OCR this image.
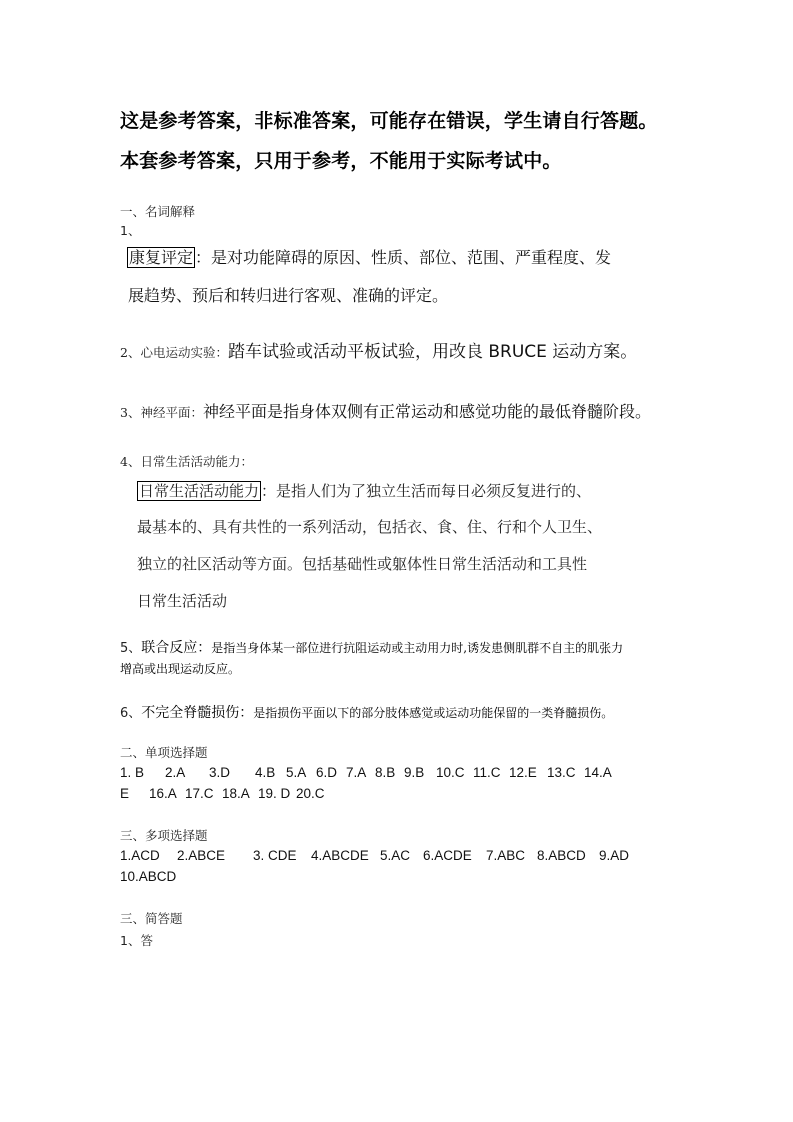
这是参考答案，非标准答案，可能存在错误，学生请自行答题。
本套参考答案，只用于参考，不能用于实际考试中。
一、名词解释
1、
康复评定 ：是对功能障碍的原因、性质、部位、范围、严重程度、发
展趋势、预后和转归进行客观、准确的评定。
2、心电运动实验：踏车试验或活动平板试验，用改良 BRUCE 运动方案。
3、神经平面：神经平面是指身体双侧有正常运动和感觉功能的最低脊髓阶段。
4、日常生活活动能力：
日常生活活动能力 ：是指人们为了独立生活而每日必须反复进行的、
最基本的、具有共性的一系列活动，包括衣、食、住、行和个人卫生、
独立的社区活动等方面。包括基础性或躯体性日常生活活动和工具性
日常生活活动
5、联合反应：是指当身体某一部位进行抗阻运动或主动用力时,诱发患侧肌群不自主的肌张力
增高或出现运动反应。
6、不完全脊髓损伤：是指损伤平面以下的部分肢体感觉或运动功能保留的一类脊髓损伤。
二、单项选择题
1. B 2.A 3.D 4.B 5.A 6.D 7.A 8.B 9.B 10.C 11.C 12.E 13.C 14.A
E 16.A 17.C 18.A 19. D 20.C
三、多项选择题
1.ACD 2.ABCE 3. CDE 4.ABCDE 5.AC 6.ACDE 7.ABC 8.ABCD 9.AD
10.ABCD
三、简答题
1、答
